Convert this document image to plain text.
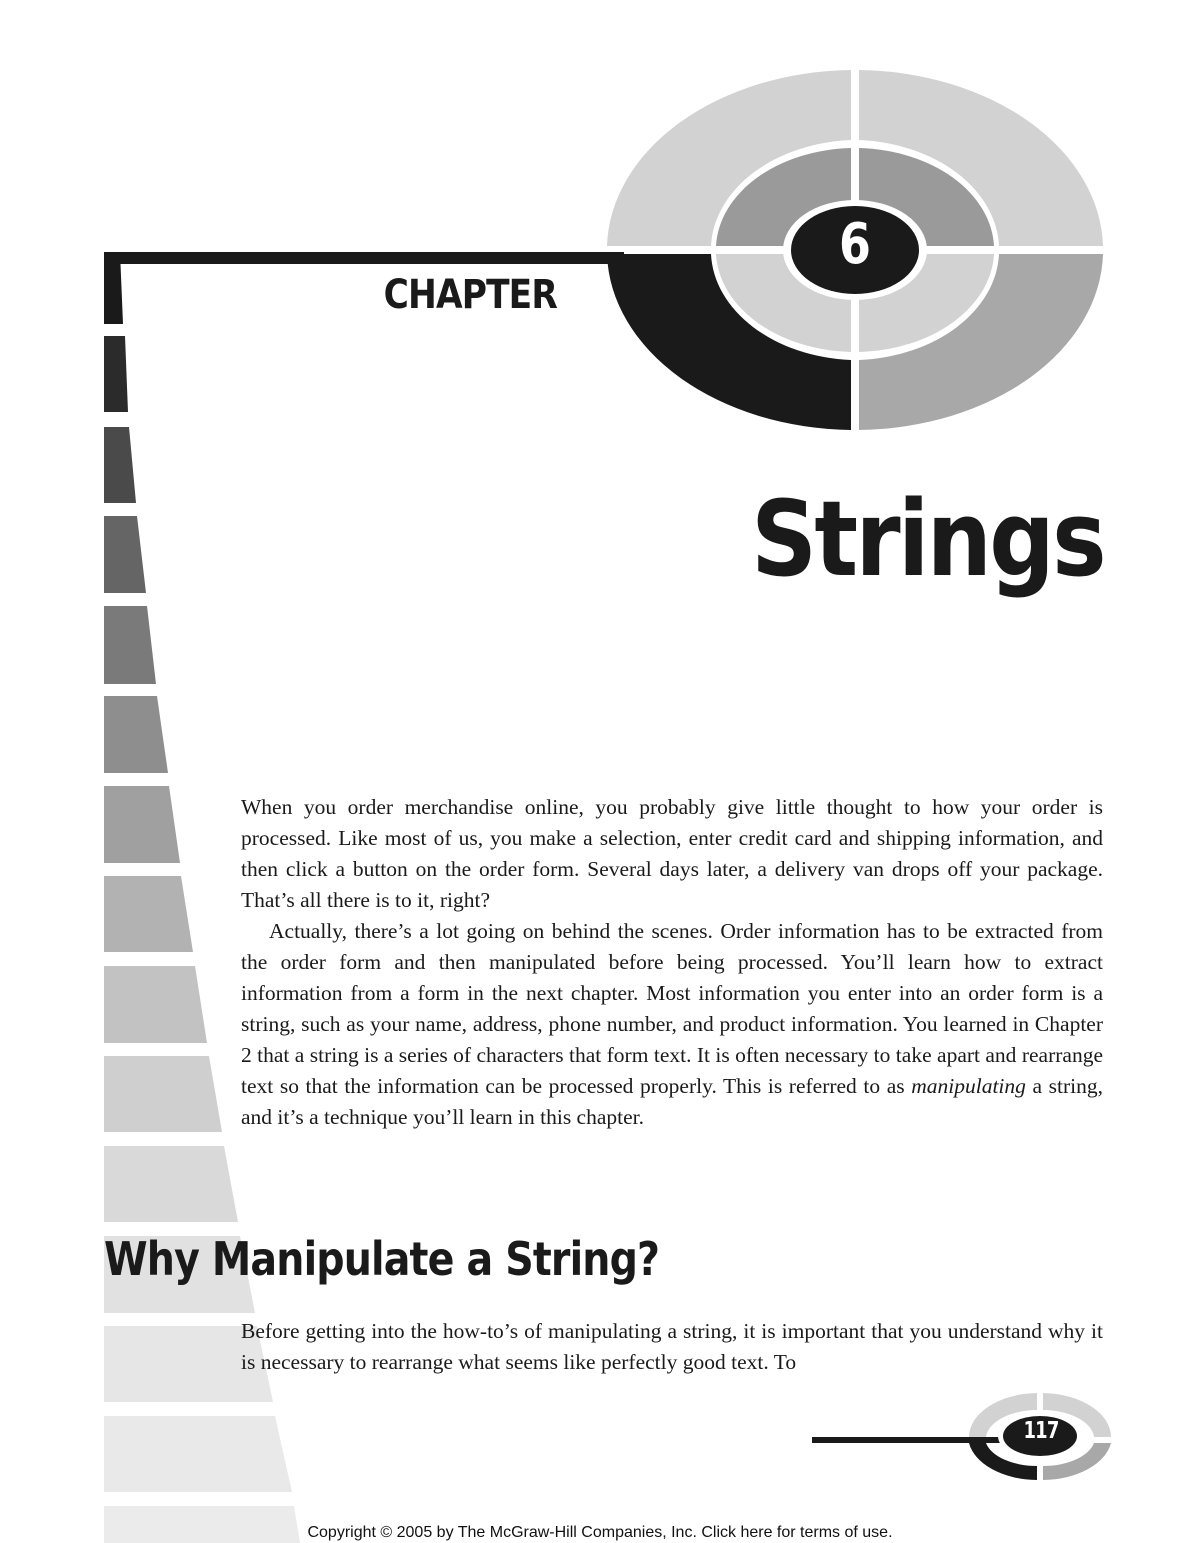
CHAPTER
6
Strings

When you order merchandise online, you probably give little thought to how your order is processed. Like most of us, you make a selection, enter credit card and shipping information, and then click a button on the order form. Several days later, a delivery van drops off your package. That’s all there is to it, right?

Actually, there’s a lot going on behind the scenes. Order information has to be extracted from the order form and then manipulated before being processed. You’ll learn how to extract information from a form in the next chapter. Most information you enter into an order form is a string, such as your name, address, phone number, and product information. You learned in Chapter 2 that a string is a series of characters that form text. It is often necessary to take apart and rearrange text so that the information can be processed properly. This is referred to as manipulating a string, and it’s a technique you’ll learn in this chapter.

Why Manipulate a String?

Before getting into the how-to’s of manipulating a string, it is important that you understand why it is necessary to rearrange what seems like perfectly good text. To

117
Copyright © 2005 by The McGraw-Hill Companies, Inc. Click here for terms of use.
